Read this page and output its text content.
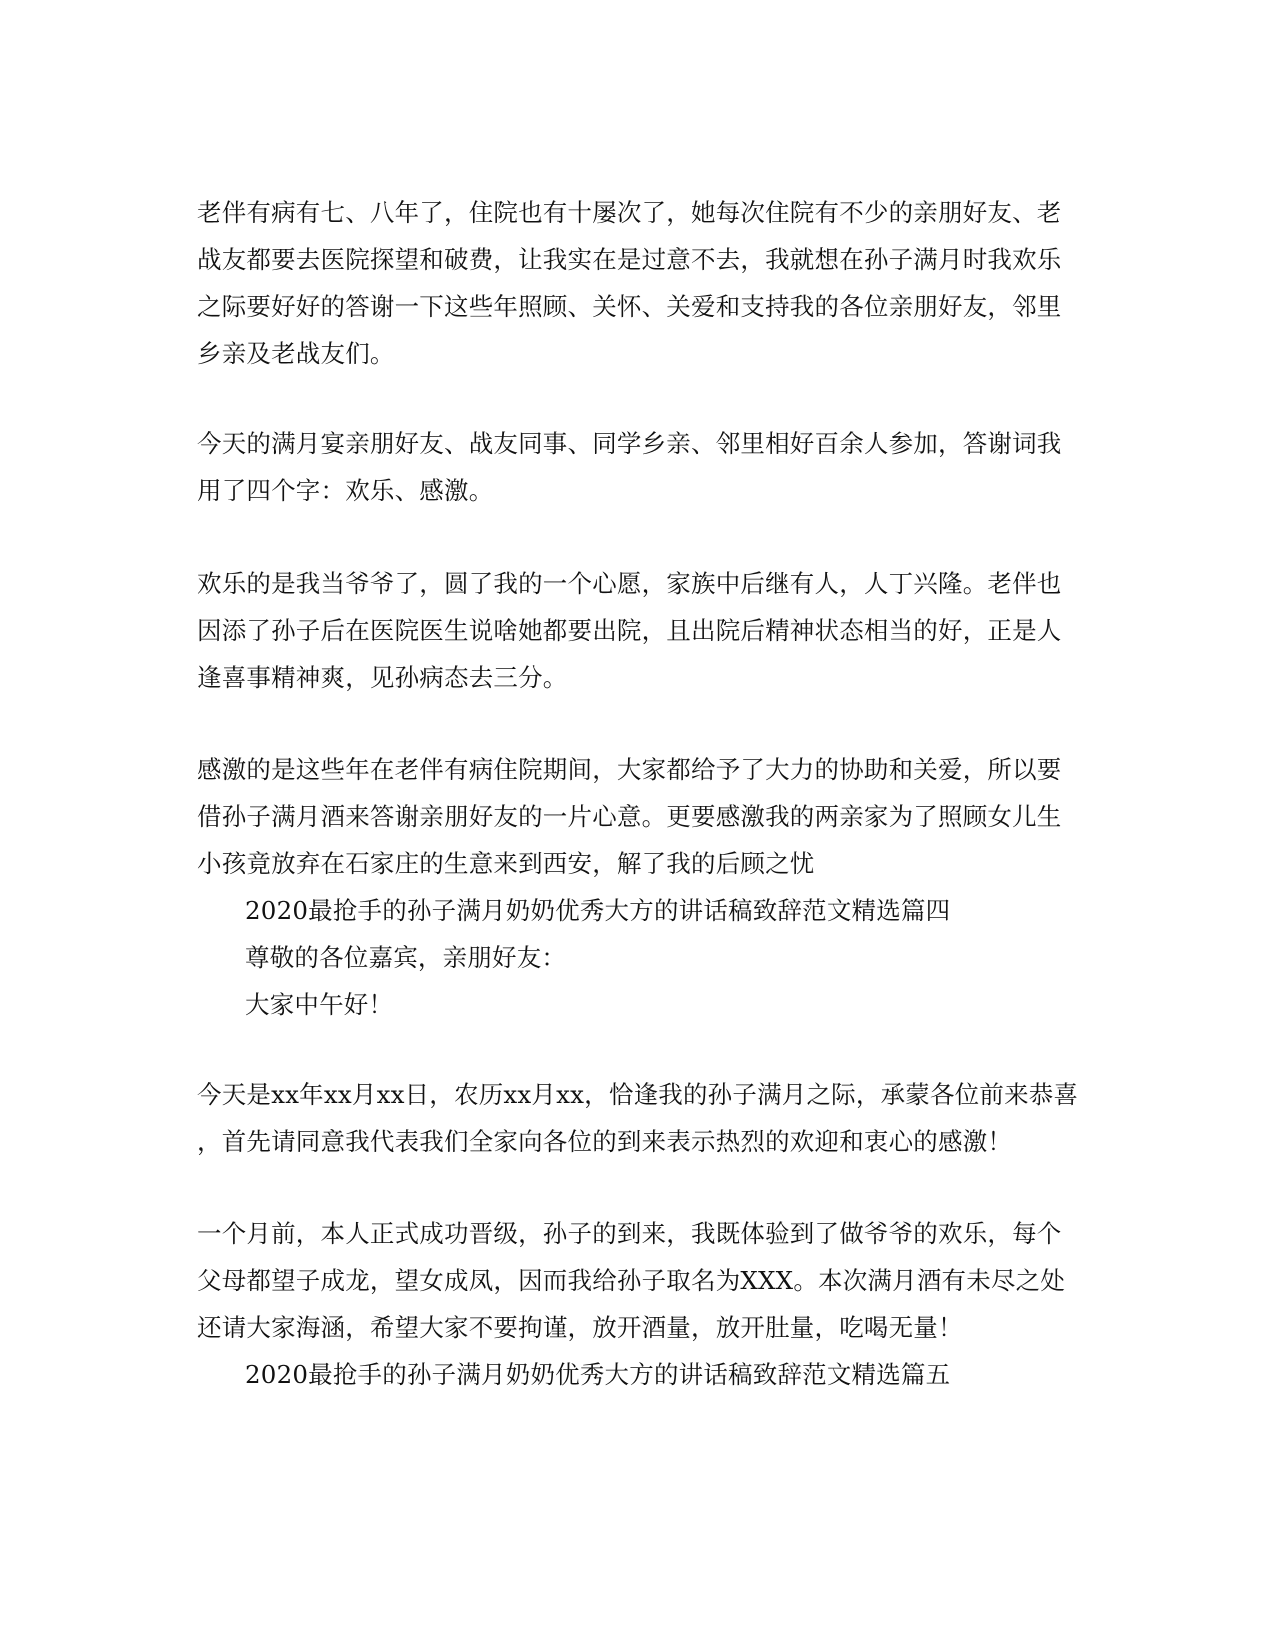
老伴有病有七、八年了，住院也有十屡次了，她每次住院有不少的亲朋好友、老
战友都要去医院探望和破费，让我实在是过意不去，我就想在孙子满月时我欢乐
之际要好好的答谢一下这些年照顾、关怀、关爱和支持我的各位亲朋好友，邻里
乡亲及老战友们。
今天的满月宴亲朋好友、战友同事、同学乡亲、邻里相好百余人参加，答谢词我
用了四个字：欢乐、感激。
欢乐的是我当爷爷了，圆了我的一个心愿，家族中后继有人，人丁兴隆。老伴也
因添了孙子后在医院医生说啥她都要出院，且出院后精神状态相当的好，正是人
逢喜事精神爽，见孙病态去三分。
感激的是这些年在老伴有病住院期间，大家都给予了大力的协助和关爱，所以要
借孙子满月酒来答谢亲朋好友的一片心意。更要感激我的两亲家为了照顾女儿生
小孩竟放弃在石家庄的生意来到西安，解了我的后顾之忧
2020最抢手的孙子满月奶奶优秀大方的讲话稿致辞范文精选篇四
尊敬的各位嘉宾，亲朋好友：
大家中午好！
今天是xx年xx月xx日，农历xx月xx，恰逢我的孙子满月之际，承蒙各位前来恭喜
，首先请同意我代表我们全家向各位的到来表示热烈的欢迎和衷心的感激！
一个月前，本人正式成功晋级，孙子的到来，我既体验到了做爷爷的欢乐，每个
父母都望子成龙，望女成凤，因而我给孙子取名为XXX。本次满月酒有未尽之处
还请大家海涵，希望大家不要拘谨，放开酒量，放开肚量，吃喝无量！
2020最抢手的孙子满月奶奶优秀大方的讲话稿致辞范文精选篇五
